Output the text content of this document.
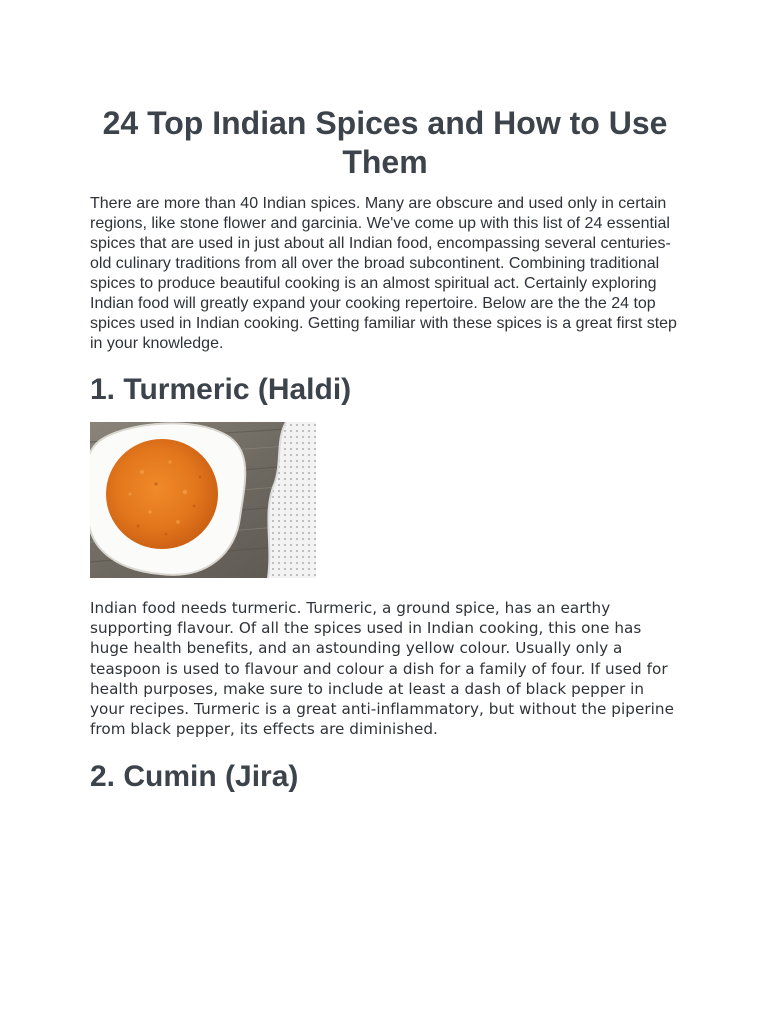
24 Top Indian Spices and How to Use Them

There are more than 40 Indian spices. Many are obscure and used only in certain regions, like stone flower and garcinia. We've come up with this list of 24 essential spices that are used in just about all Indian food, encompassing several centuries-old culinary traditions from all over the broad subcontinent. Combining traditional spices to produce beautiful cooking is an almost spiritual act. Certainly exploring Indian food will greatly expand your cooking repertoire. Below are the the 24 top spices used in Indian cooking. Getting familiar with these spices is a great first step in your knowledge.

1. Turmeric (Haldi)

Indian food needs turmeric. Turmeric, a ground spice, has an earthy supporting flavour. Of all the spices used in Indian cooking, this one has huge health benefits, and an astounding yellow colour. Usually only a teaspoon is used to flavour and colour a dish for a family of four. If used for health purposes, make sure to include at least a dash of black pepper in your recipes. Turmeric is a great anti-inflammatory, but without the piperine from black pepper, its effects are diminished.

2. Cumin (Jira)
